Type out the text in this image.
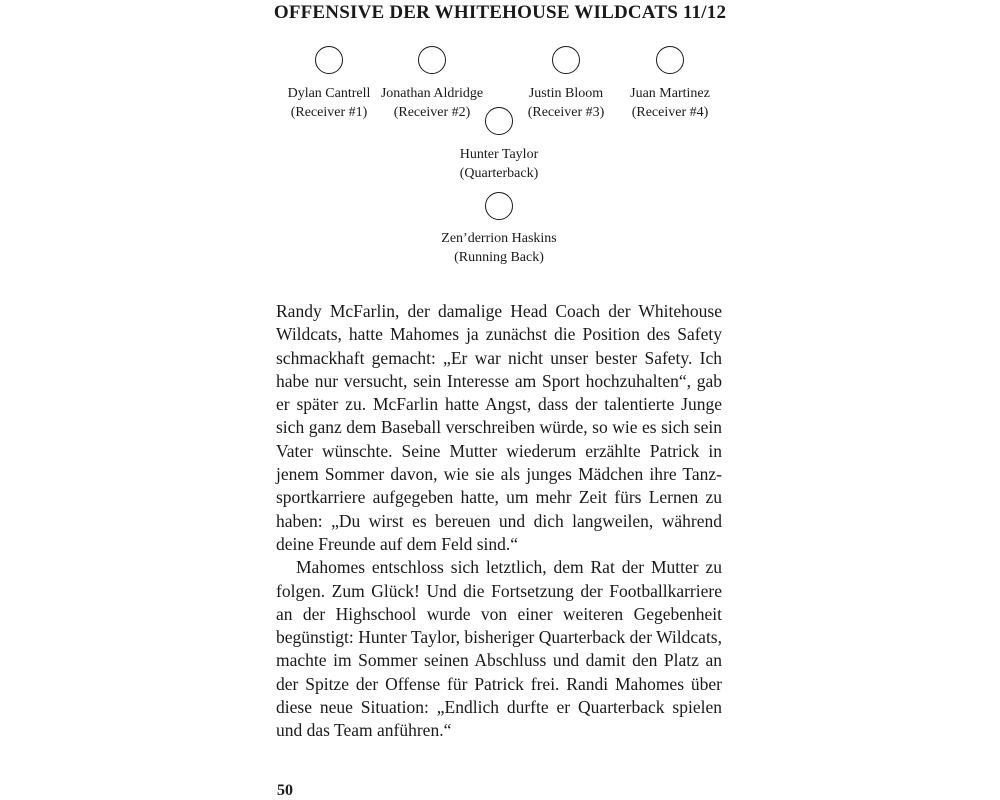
OFFENSIVE DER WHITEHOUSE WILDCATS 11/12
Dylan Cantrell
(Receiver #1)
Jonathan Aldridge
(Receiver #2)
Justin Bloom
(Receiver #3)
Juan Martinez
(Receiver #4)
Hunter Taylor
(Quarterback)
Zen’derrion Haskins
(Running Back)

Randy McFarlin, der damalige Head Coach der Whitehouse Wildcats, hatte Mahomes ja zunächst die Position des Safety schmackhaft gemacht: „Er war nicht unser bester Safety. Ich habe nur versucht, sein Interesse am Sport hochzuhalten“, gab er später zu. McFarlin hatte Angst, dass der talentierte Junge sich ganz dem Baseball verschreiben würde, so wie es sich sein Vater wünschte. Seine Mutter wiederum erzählte Patrick in jenem Sommer davon, wie sie als junges Mädchen ihre Tanzsportkarriere aufgegeben hatte, um mehr Zeit fürs Lernen zu haben: „Du wirst es bereuen und dich langweilen, während deine Freunde auf dem Feld sind.“

Mahomes entschloss sich letztlich, dem Rat der Mutter zu folgen. Zum Glück! Und die Fortsetzung der Footballkarriere an der Highschool wurde von einer weiteren Gegebenheit begünstigt: Hunter Taylor, bisheriger Quarterback der Wildcats, machte im Sommer seinen Abschluss und damit den Platz an der Spitze der Offense für Patrick frei. Randi Mahomes über diese neue Situation: „Endlich durfte er Quarterback spielen und das Team anführen.“

50
